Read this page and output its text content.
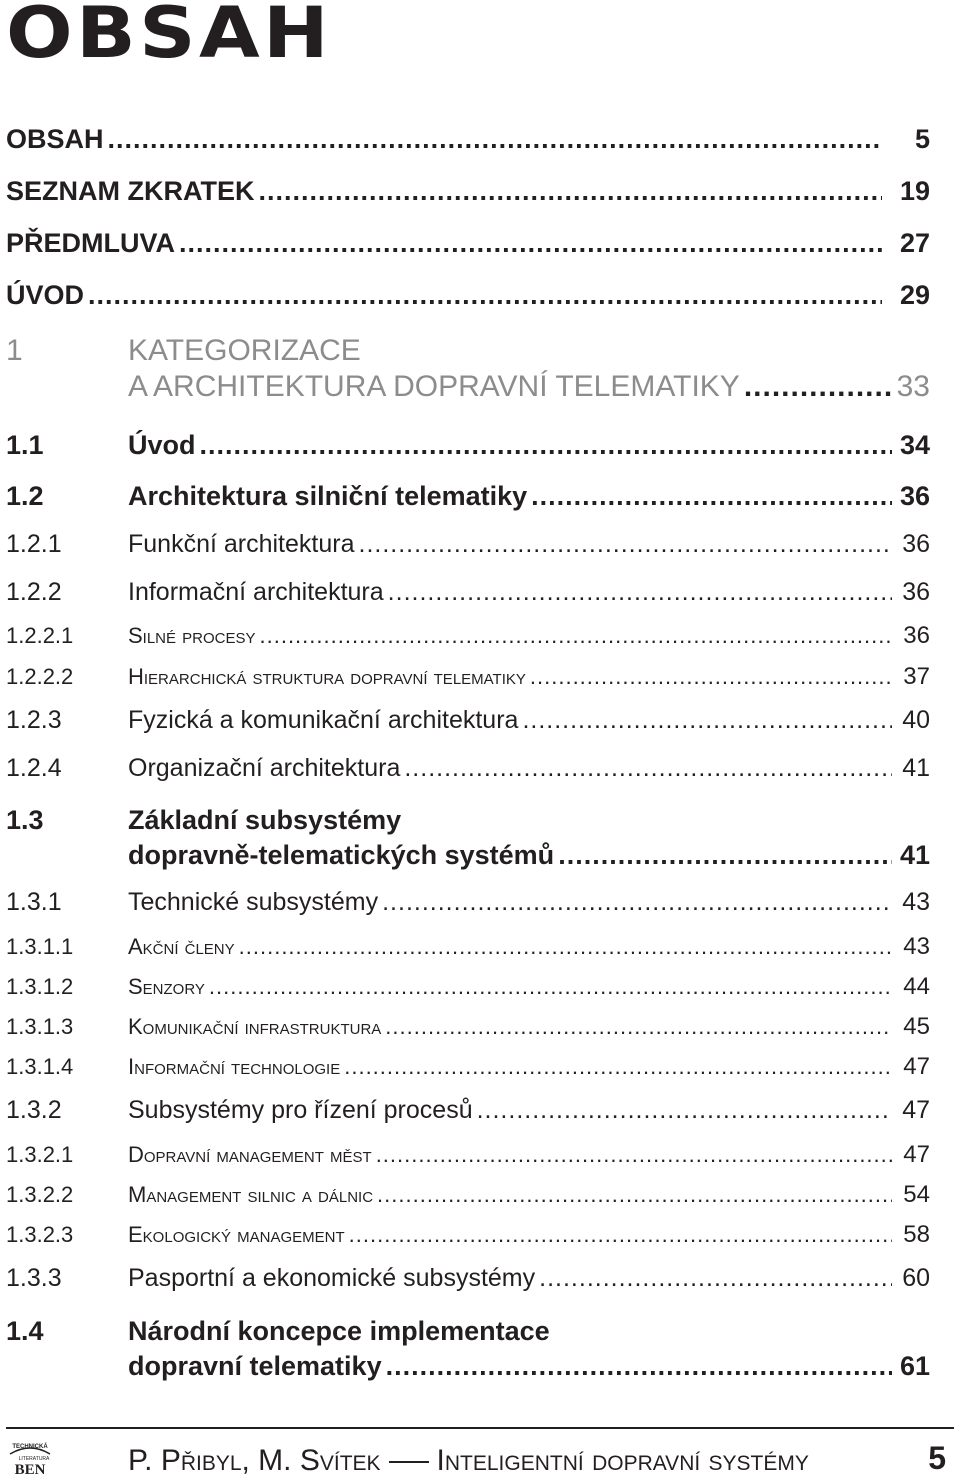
OBSAH
OBSAH .....	5
SEZNAM ZKRATEK .....	19
PŘEDMLUVA .....	27
ÚVOD .....	29
1	KATEGORIZACE
A ARCHITEKTURA DOPRAVNÍ TELEMATIKY .....	33
1.1	Úvod .....	34
1.2	Architektura silniční telematiky .....	36
1.2.1	Funkční architektura .....	36
1.2.2	Informační architektura .....	36
1.2.2.1	Silné procesy .....	36
1.2.2.2	Hierarchická struktura dopravní telematiky .....	37
1.2.3	Fyzická a komunikační architektura .....	40
1.2.4	Organizační architektura .....	41
1.3	Základní subsystémy
dopravně-telematických systémů .....	41
1.3.1	Technické subsystémy .....	43
1.3.1.1	Akční členy .....	43
1.3.1.2	Senzory .....	44
1.3.1.3	Komunikační infrastruktura .....	45
1.3.1.4	Informační technologie .....	47
1.3.2	Subsystémy pro řízení procesů .....	47
1.3.2.1	Dopravní management měst .....	47
1.3.2.2	Management silnic a dálnic .....	54
1.3.2.3	Ekologický management .....	58
1.3.3	Pasportní a ekonomické subsystémy .....	60
1.4	Národní koncepce implementace
dopravní telematiky .....	61
TECHNICKÁ
LITERATURA
BEN	P. Přibyl, M. Svítek Inteligentní dopravní systémy	5
